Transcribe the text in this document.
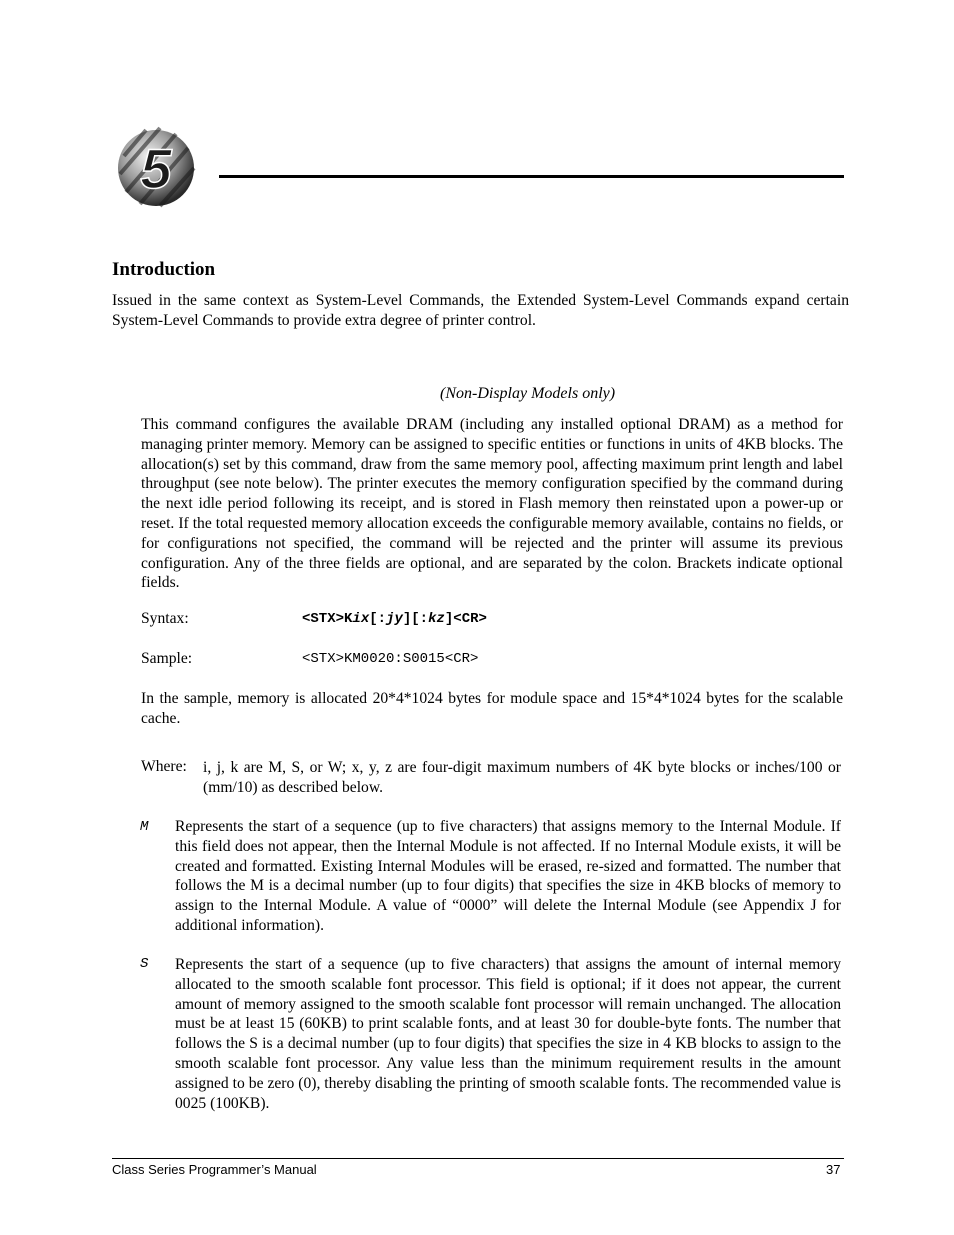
5
Introduction
Issued in the same context as System-Level Commands, the Extended System-Level Commands expand certain System-Level Commands to provide extra degree of printer control.
(Non-Display Models only)
This command configures the available DRAM (including any installed optional DRAM) as a method for managing printer memory. Memory can be assigned to specific entities or functions in units of 4KB blocks. The allocation(s) set by this command, draw from the same memory pool, affecting maximum print length and label throughput (see note below). The printer executes the memory configuration specified by the command during the next idle period following its receipt, and is stored in Flash memory then reinstated upon a power-up or reset. If the total requested memory allocation exceeds the configurable memory available, contains no fields, or for configurations not specified, the command will be rejected and the printer will assume its previous configuration. Any of the three fields are optional, and are separated by the colon. Brackets indicate optional fields.
Syntax:	<STX>Kix[:jy][:kz]<CR>
Sample:	<STX>KM0020:S0015<CR>
In the sample, memory is allocated 20*4*1024 bytes for module space and 15*4*1024 bytes for the scalable cache.
Where: i, j, k are M, S, or W; x, y, z are four-digit maximum numbers of 4K byte blocks or inches/100 or (mm/10) as described below.
M Represents the start of a sequence (up to five characters) that assigns memory to the Internal Module. If this field does not appear, then the Internal Module is not affected. If no Internal Module exists, it will be created and formatted. Existing Internal Modules will be erased, re-sized and formatted. The number that follows the M is a decimal number (up to four digits) that specifies the size in 4KB blocks of memory to assign to the Internal Module. A value of “0000” will delete the Internal Module (see Appendix J for additional information).
S Represents the start of a sequence (up to five characters) that assigns the amount of internal memory allocated to the smooth scalable font processor. This field is optional; if it does not appear, the current amount of memory assigned to the smooth scalable font processor will remain unchanged. The allocation must be at least 15 (60KB) to print scalable fonts, and at least 30 for double-byte fonts. The number that follows the S is a decimal number (up to four digits) that specifies the size in 4 KB blocks to assign to the smooth scalable font processor. Any value less than the minimum requirement results in the amount assigned to be zero (0), thereby disabling the printing of smooth scalable fonts. The recommended value is 0025 (100KB).
Class Series Programmer’s Manual	37
